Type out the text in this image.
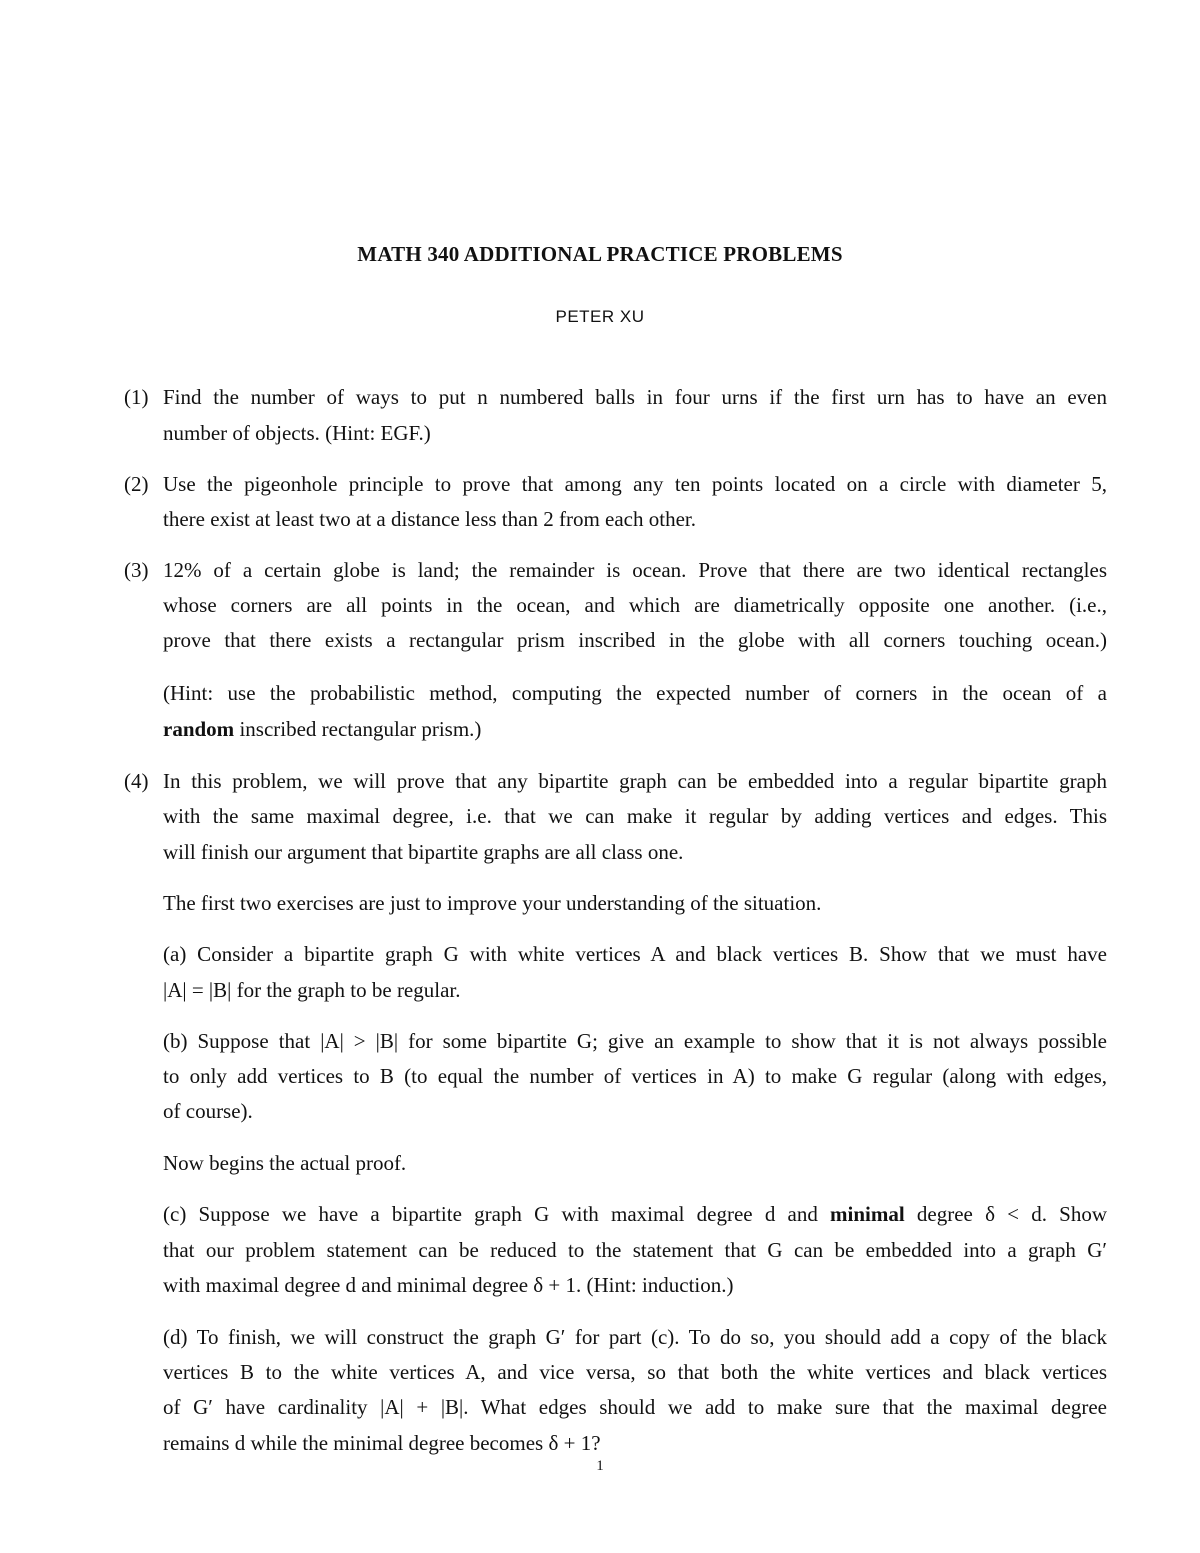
MATH 340 ADDITIONAL PRACTICE PROBLEMS
PETER XU
(1) Find the number of ways to put n numbered balls in four urns if the first urn has to have an even
number of objects. (Hint: EGF.)
(2) Use the pigeonhole principle to prove that among any ten points located on a circle with diameter 5,
there exist at least two at a distance less than 2 from each other.
(3) 12% of a certain globe is land; the remainder is ocean. Prove that there are two identical rectangles
whose corners are all points in the ocean, and which are diametrically opposite one another. (i.e.,
prove that there exists a rectangular prism inscribed in the globe with all corners touching ocean.)
(Hint: use the probabilistic method, computing the expected number of corners in the ocean of a
random inscribed rectangular prism.)
(4) In this problem, we will prove that any bipartite graph can be embedded into a regular bipartite graph
with the same maximal degree, i.e. that we can make it regular by adding vertices and edges. This
will finish our argument that bipartite graphs are all class one.
The first two exercises are just to improve your understanding of the situation.
(a) Consider a bipartite graph G with white vertices A and black vertices B. Show that we must have
|A| = |B| for the graph to be regular.
(b) Suppose that |A| > |B| for some bipartite G; give an example to show that it is not always possible
to only add vertices to B (to equal the number of vertices in A) to make G regular (along with edges,
of course).
Now begins the actual proof.
(c) Suppose we have a bipartite graph G with maximal degree d and minimal degree δ < d. Show
that our problem statement can be reduced to the statement that G can be embedded into a graph G′
with maximal degree d and minimal degree δ + 1. (Hint: induction.)
(d) To finish, we will construct the graph G′ for part (c). To do so, you should add a copy of the black
vertices B to the white vertices A, and vice versa, so that both the white vertices and black vertices
of G′ have cardinality |A| + |B|. What edges should we add to make sure that the maximal degree
remains d while the minimal degree becomes δ + 1?
1
